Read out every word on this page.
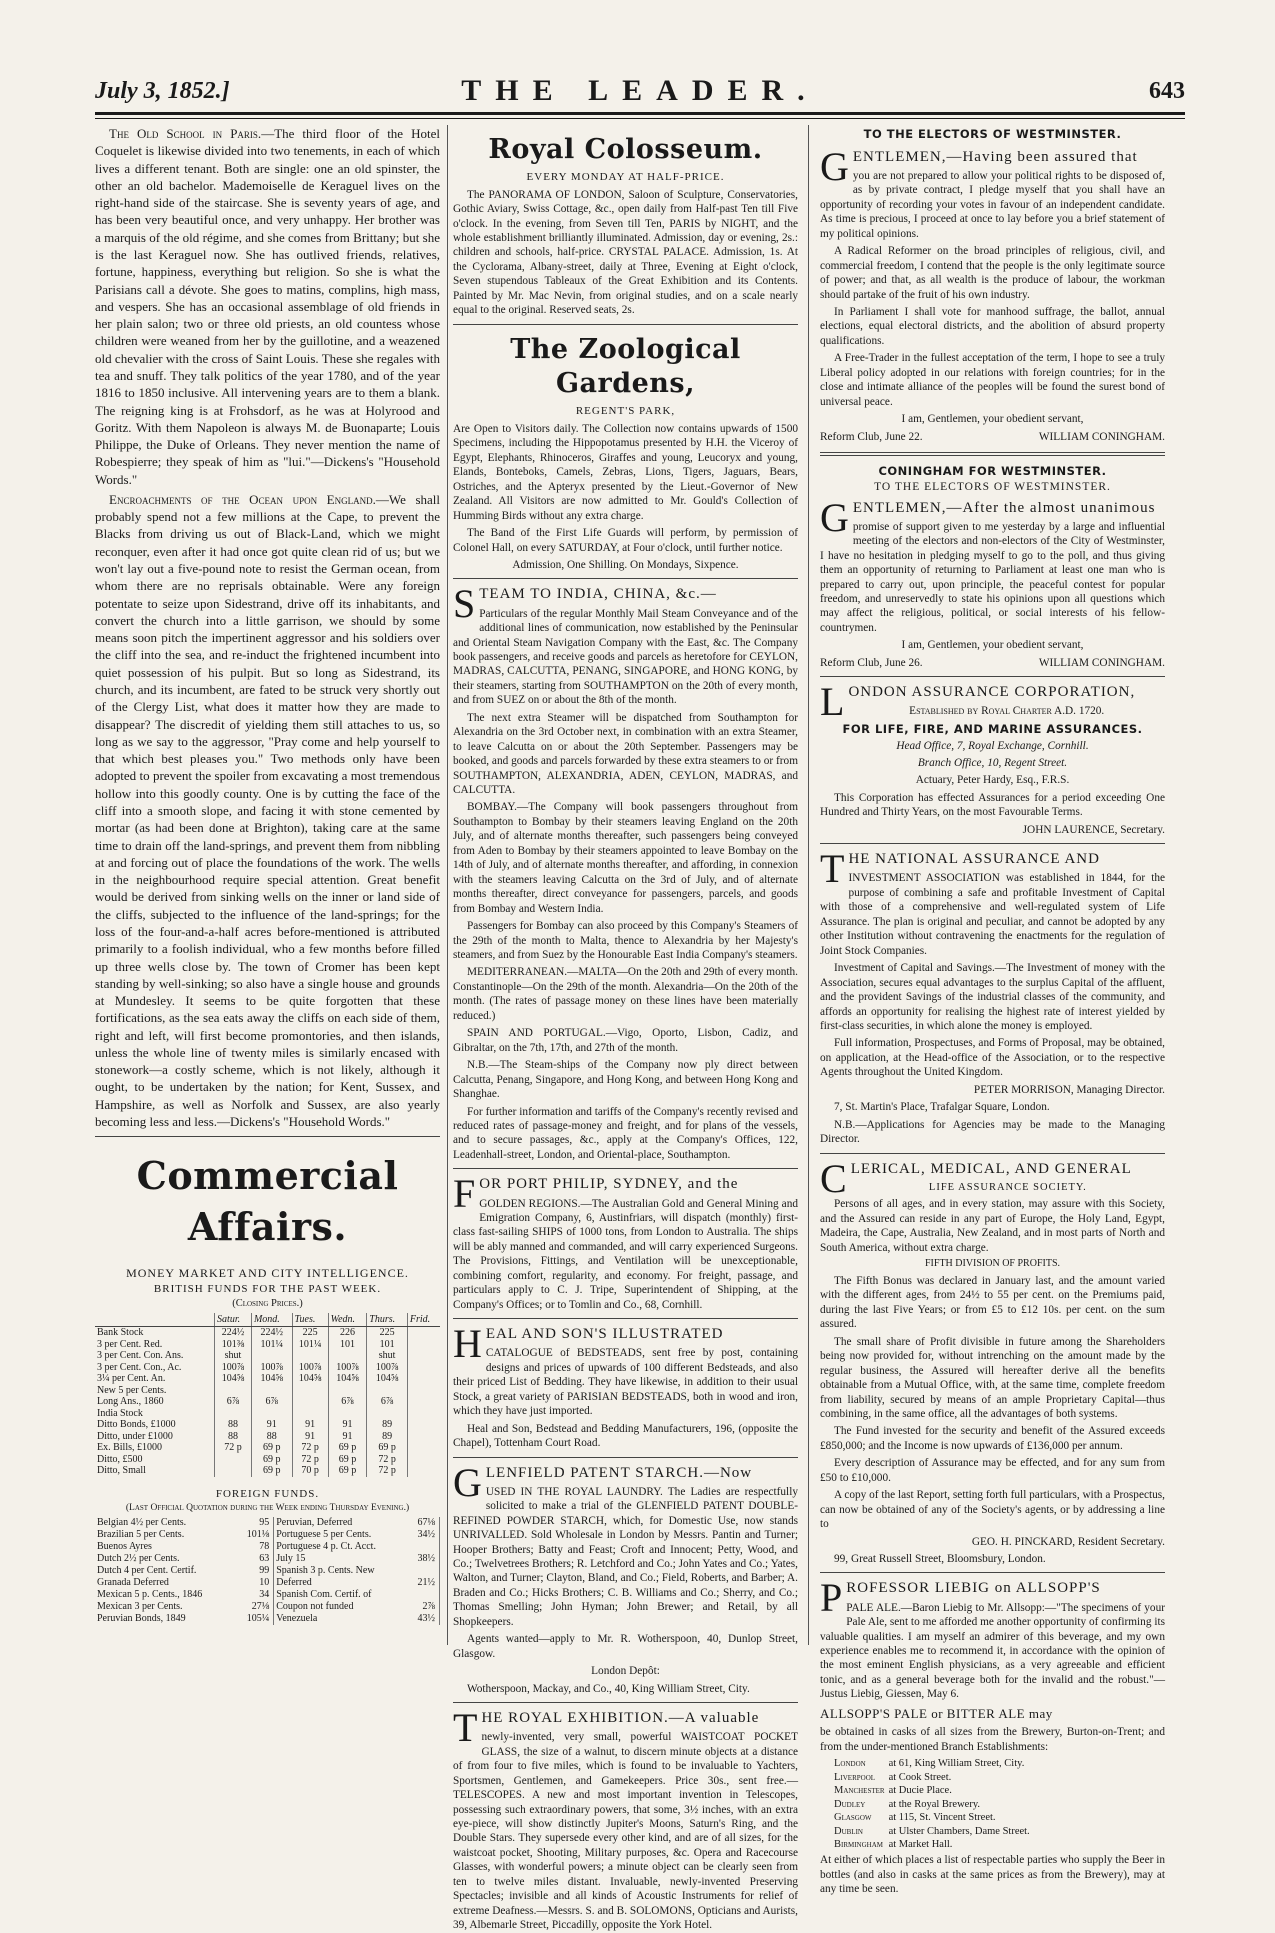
July 3, 1852.]	THE LEADER.	643

The Old School in Paris.—The third floor of the Hotel Coquelet is likewise divided into two tenements, in each of which lives a different tenant. Both are single: one an old spinster, the other an old bachelor. Mademoiselle de Keraguel lives on the right-hand side of the staircase. She is seventy years of age, and has been very beautiful once, and very unhappy. Her brother was a marquis of the old régime, and she comes from Brittany; but she is the last Keraguel now. She has outlived friends, relatives, fortune, happiness, everything but religion. So she is what the Parisians call a dévote. She goes to matins, complins, high mass, and vespers. She has an occasional assemblage of old friends in her plain salon; two or three old priests, an old countess whose children were weaned from her by the guillotine, and a weazened old chevalier with the cross of Saint Louis. These she regales with tea and snuff. They talk politics of the year 1780, and of the year 1816 to 1850 inclusive. All intervening years are to them a blank. The reigning king is at Frohsdorf, as he was at Holyrood and Goritz. With them Napoleon is always M. de Buonaparte; Louis Philippe, the Duke of Orleans. They never mention the name of Robespierre; they speak of him as "lui."—Dickens's "Household Words."

Encroachments of the Ocean upon England.—We shall probably spend not a few millions at the Cape, to prevent the Blacks from driving us out of Black-Land, which we might reconquer, even after it had once got quite clean rid of us; but we won't lay out a five-pound note to resist the German ocean, from whom there are no reprisals obtainable. Were any foreign potentate to seize upon Sidestrand, drive off its inhabitants, and convert the church into a little garrison, we should by some means soon pitch the impertinent aggressor and his soldiers over the cliff into the sea, and re-induct the frightened incumbent into quiet possession of his pulpit. But so long as Sidestrand, its church, and its incumbent, are fated to be struck very shortly out of the Clergy List, what does it matter how they are made to disappear? The discredit of yielding them still attaches to us, so long as we say to the aggressor, "Pray come and help yourself to that which best pleases you." Two methods only have been adopted to prevent the spoiler from excavating a most tremendous hollow into this goodly county. One is by cutting the face of the cliff into a smooth slope, and facing it with stone cemented by mortar (as had been done at Brighton), taking care at the same time to drain off the land-springs, and prevent them from nibbling at and forcing out of place the foundations of the work. The wells in the neighbourhood require special attention. Great benefit would be derived from sinking wells on the inner or land side of the cliffs, subjected to the influence of the land-springs; for the loss of the four-and-a-half acres before-mentioned is attributed primarily to a foolish individual, who a few months before filled up three wells close by. The town of Cromer has been kept standing by well-sinking; so also have a single house and grounds at Mundesley. It seems to be quite forgotten that these fortifications, as the sea eats away the cliffs on each side of them, right and left, will first become promontories, and then islands, unless the whole line of twenty miles is similarly encased with stonework—a costly scheme, which is not likely, although it ought, to be undertaken by the nation; for Kent, Sussex, and Hampshire, as well as Norfolk and Sussex, are also yearly becoming less and less.—Dickens's "Household Words."

Commercial Affairs.
MONEY MARKET AND CITY INTELLIGENCE.
BRITISH FUNDS FOR THE PAST WEEK.
(Closing Prices.)
	Satur.	Mond.	Tues.	Wedn.	Thurs.	Frid.
Bank Stock	224½	224½	225	226	225	
3 per Cent. Red.	101⅜	101¼	101¼	101	101	
3 per Cent. Con. Ans.	shut				shut	
3 per Cent. Con., Ac.	100⅞	100⅞	100⅞	100⅞	100⅞	
3¼ per Cent. An.	104⅝	104⅝	104⅝	104⅝	104⅝	
New 5 per Cents.						
Long Ans., 1860	6⅞	6⅞		6⅞	6⅞	
India Stock						
Ditto Bonds, £1000	88	91	91	91	89	
Ditto, under £1000	88	88	91	91	89	
Ex. Bills, £1000	72 p	69 p	72 p	69 p	69 p	
Ditto, £500		69 p	72 p	69 p	72 p	
Ditto, Small		69 p	70 p	69 p	72 p	
FOREIGN FUNDS.
(Last Official Quotation during the Week ending Thursday Evening.)
Belgian 4½ per Cents.	95	Peruvian, Deferred	67⅛
Brazilian 5 per Cents.	101⅛	Portuguese 5 per Cents.	34½
Buenos Ayres	78	Portuguese 4 p. Ct. Acct.	
Dutch 2½ per Cents.	63	July 15	38½
Dutch 4 per Cent. Certif.	99	Spanish 3 p. Cents. New	
Granada Deferred	10	Deferred	21½
Mexican 5 p. Cents., 1846	34	Spanish Com. Certif. of	
Mexican 3 per Cents.	27⅛	Coupon not funded	2⅞
Peruvian Bonds, 1849	105¼	Venezuela	43½
Royal Colosseum.
EVERY MONDAY AT HALF-PRICE.

The PANORAMA OF LONDON, Saloon of Sculpture, Conservatories, Gothic Aviary, Swiss Cottage, &c., open daily from Half-past Ten till Five o'clock. In the evening, from Seven till Ten, PARIS by NIGHT, and the whole establishment brilliantly illuminated. Admission, day or evening, 2s.: children and schools, half-price. CRYSTAL PALACE. Admission, 1s. At the Cyclorama, Albany-street, daily at Three, Evening at Eight o'clock, Seven stupendous Tableaux of the Great Exhibition and its Contents. Painted by Mr. Mac Nevin, from original studies, and on a scale nearly equal to the original. Reserved seats, 2s.

The Zoological Gardens,
REGENT'S PARK,

Are Open to Visitors daily. The Collection now contains upwards of 1500 Specimens, including the Hippopotamus presented by H.H. the Viceroy of Egypt, Elephants, Rhinoceros, Giraffes and young, Leucoryx and young, Elands, Bonteboks, Camels, Zebras, Lions, Tigers, Jaguars, Bears, Ostriches, and the Apteryx presented by the Lieut.-Governor of New Zealand. All Visitors are now admitted to Mr. Gould's Collection of Humming Birds without any extra charge.

The Band of the First Life Guards will perform, by permission of Colonel Hall, on every SATURDAY, at Four o'clock, until further notice.

Admission, One Shilling. On Mondays, Sixpence.

STEAM TO INDIA, CHINA, &c.—

Particulars of the regular Monthly Mail Steam Conveyance and of the additional lines of communication, now established by the Peninsular and Oriental Steam Navigation Company with the East, &c. The Company book passengers, and receive goods and parcels as heretofore for CEYLON, MADRAS, CALCUTTA, PENANG, SINGAPORE, and HONG KONG, by their steamers, starting from SOUTHAMPTON on the 20th of every month, and from SUEZ on or about the 8th of the month.

The next extra Steamer will be dispatched from Southampton for Alexandria on the 3rd October next, in combination with an extra Steamer, to leave Calcutta on or about the 20th September. Passengers may be booked, and goods and parcels forwarded by these extra steamers to or from SOUTHAMPTON, ALEXANDRIA, ADEN, CEYLON, MADRAS, and CALCUTTA.

BOMBAY.—The Company will book passengers throughout from Southampton to Bombay by their steamers leaving England on the 20th July, and of alternate months thereafter, such passengers being conveyed from Aden to Bombay by their steamers appointed to leave Bombay on the 14th of July, and of alternate months thereafter, and affording, in connexion with the steamers leaving Calcutta on the 3rd of July, and of alternate months thereafter, direct conveyance for passengers, parcels, and goods from Bombay and Western India.

Passengers for Bombay can also proceed by this Company's Steamers of the 29th of the month to Malta, thence to Alexandria by her Majesty's steamers, and from Suez by the Honourable East India Company's steamers.

MEDITERRANEAN.—MALTA—On the 20th and 29th of every month. Constantinople—On the 29th of the month. Alexandria—On the 20th of the month. (The rates of passage money on these lines have been materially reduced.)

SPAIN AND PORTUGAL.—Vigo, Oporto, Lisbon, Cadiz, and Gibraltar, on the 7th, 17th, and 27th of the month.

N.B.—The Steam-ships of the Company now ply direct between Calcutta, Penang, Singapore, and Hong Kong, and between Hong Kong and Shanghae.

For further information and tariffs of the Company's recently revised and reduced rates of passage-money and freight, and for plans of the vessels, and to secure passages, &c., apply at the Company's Offices, 122, Leadenhall-street, London, and Oriental-place, Southampton.

FOR PORT PHILIP, SYDNEY, and the

GOLDEN REGIONS.—The Australian Gold and General Mining and Emigration Company, 6, Austinfriars, will dispatch (monthly) first-class fast-sailing SHIPS of 1000 tons, from London to Australia. The ships will be ably manned and commanded, and will carry experienced Surgeons. The Provisions, Fittings, and Ventilation will be unexceptionable, combining comfort, regularity, and economy. For freight, passage, and particulars apply to C. J. Tripe, Superintendent of Shipping, at the Company's Offices; or to Tomlin and Co., 68, Cornhill.

HEAL AND SON'S ILLUSTRATED

CATALOGUE of BEDSTEADS, sent free by post, containing designs and prices of upwards of 100 different Bedsteads, and also their priced List of Bedding. They have likewise, in addition to their usual Stock, a great variety of PARISIAN BEDSTEADS, both in wood and iron, which they have just imported.

Heal and Son, Bedstead and Bedding Manufacturers, 196, (opposite the Chapel), Tottenham Court Road.

GLENFIELD PATENT STARCH.—Now

USED IN THE ROYAL LAUNDRY. The Ladies are respectfully solicited to make a trial of the GLENFIELD PATENT DOUBLE-REFINED POWDER STARCH, which, for Domestic Use, now stands UNRIVALLED. Sold Wholesale in London by Messrs. Pantin and Turner; Hooper Brothers; Batty and Feast; Croft and Innocent; Petty, Wood, and Co.; Twelvetrees Brothers; R. Letchford and Co.; John Yates and Co.; Yates, Walton, and Turner; Clayton, Bland, and Co.; Field, Roberts, and Barber; A. Braden and Co.; Hicks Brothers; C. B. Williams and Co.; Sherry, and Co.; Thomas Smelling; John Hyman; John Brewer; and Retail, by all Shopkeepers.

Agents wanted—apply to Mr. R. Wotherspoon, 40, Dunlop Street, Glasgow.

London Depôt:

Wotherspoon, Mackay, and Co., 40, King William Street, City.

THE ROYAL EXHIBITION.—A valuable

newly-invented, very small, powerful WAISTCOAT POCKET GLASS, the size of a walnut, to discern minute objects at a distance of from four to five miles, which is found to be invaluable to Yachters, Sportsmen, Gentlemen, and Gamekeepers. Price 30s., sent free.—TELESCOPES. A new and most important invention in Telescopes, possessing such extraordinary powers, that some, 3½ inches, with an extra eye-piece, will show distinctly Jupiter's Moons, Saturn's Ring, and the Double Stars. They supersede every other kind, and are of all sizes, for the waistcoat pocket, Shooting, Military purposes, &c. Opera and Racecourse Glasses, with wonderful powers; a minute object can be clearly seen from ten to twelve miles distant. Invaluable, newly-invented Preserving Spectacles; invisible and all kinds of Acoustic Instruments for relief of extreme Deafness.—Messrs. S. and B. SOLOMONS, Opticians and Aurists, 39, Albemarle Street, Piccadilly, opposite the York Hotel.

TO THE ELECTORS OF WESTMINSTER.
GENTLEMEN,—Having been assured that

you are not prepared to allow your political rights to be disposed of, as by private contract, I pledge myself that you shall have an opportunity of recording your votes in favour of an independent candidate. As time is precious, I proceed at once to lay before you a brief statement of my political opinions.

A Radical Reformer on the broad principles of religious, civil, and commercial freedom, I contend that the people is the only legitimate source of power; and that, as all wealth is the produce of labour, the workman should partake of the fruit of his own industry.

In Parliament I shall vote for manhood suffrage, the ballot, annual elections, equal electoral districts, and the abolition of absurd property qualifications.

A Free-Trader in the fullest acceptation of the term, I hope to see a truly Liberal policy adopted in our relations with foreign countries; for in the close and intimate alliance of the peoples will be found the surest bond of universal peace.

I am, Gentlemen, your obedient servant,

Reform Club, June 22.	WILLIAM CONINGHAM.
CONINGHAM FOR WESTMINSTER.
TO THE ELECTORS OF WESTMINSTER.
GENTLEMEN,—After the almost unanimous

promise of support given to me yesterday by a large and influential meeting of the electors and non-electors of the City of Westminster, I have no hesitation in pledging myself to go to the poll, and thus giving them an opportunity of returning to Parliament at least one man who is prepared to carry out, upon principle, the peaceful contest for popular freedom, and unreservedly to state his opinions upon all questions which may affect the religious, political, or social interests of his fellow-countrymen.

I am, Gentlemen, your obedient servant,

Reform Club, June 26.	WILLIAM CONINGHAM.
LONDON ASSURANCE CORPORATION,

Established by Royal Charter A.D. 1720.

FOR LIFE, FIRE, AND MARINE ASSURANCES.

Head Office, 7, Royal Exchange, Cornhill.

Branch Office, 10, Regent Street.

Actuary, Peter Hardy, Esq., F.R.S.

This Corporation has effected Assurances for a period exceeding One Hundred and Thirty Years, on the most Favourable Terms.

JOHN LAURENCE, Secretary.

THE NATIONAL ASSURANCE AND

INVESTMENT ASSOCIATION was established in 1844, for the purpose of combining a safe and profitable Investment of Capital with those of a comprehensive and well-regulated system of Life Assurance. The plan is original and peculiar, and cannot be adopted by any other Institution without contravening the enactments for the regulation of Joint Stock Companies.

Investment of Capital and Savings.—The Investment of money with the Association, secures equal advantages to the surplus Capital of the affluent, and the provident Savings of the industrial classes of the community, and affords an opportunity for realising the highest rate of interest yielded by first-class securities, in which alone the money is employed.

Full information, Prospectuses, and Forms of Proposal, may be obtained, on application, at the Head-office of the Association, or to the respective Agents throughout the United Kingdom.

PETER MORRISON, Managing Director.

7, St. Martin's Place, Trafalgar Square, London.

N.B.—Applications for Agencies may be made to the Managing Director.

CLERICAL, MEDICAL, AND GENERAL

LIFE ASSURANCE SOCIETY.

Persons of all ages, and in every station, may assure with this Society, and the Assured can reside in any part of Europe, the Holy Land, Egypt, Madeira, the Cape, Australia, New Zealand, and in most parts of North and South America, without extra charge.

FIFTH DIVISION OF PROFITS.

The Fifth Bonus was declared in January last, and the amount varied with the different ages, from 24½ to 55 per cent. on the Premiums paid, during the last Five Years; or from £5 to £12 10s. per cent. on the sum assured.

The small share of Profit divisible in future among the Shareholders being now provided for, without intrenching on the amount made by the regular business, the Assured will hereafter derive all the benefits obtainable from a Mutual Office, with, at the same time, complete freedom from liability, secured by means of an ample Proprietary Capital—thus combining, in the same office, all the advantages of both systems.

The Fund invested for the security and benefit of the Assured exceeds £850,000; and the Income is now upwards of £136,000 per annum.

Every description of Assurance may be effected, and for any sum from £50 to £10,000.

A copy of the last Report, setting forth full particulars, with a Prospectus, can now be obtained of any of the Society's agents, or by addressing a line to

GEO. H. PINCKARD, Resident Secretary.

99, Great Russell Street, Bloomsbury, London.

PROFESSOR LIEBIG on ALLSOPP'S

PALE ALE.—Baron Liebig to Mr. Allsopp:—"The specimens of your Pale Ale, sent to me afforded me another opportunity of confirming its valuable qualities. I am myself an admirer of this beverage, and my own experience enables me to recommend it, in accordance with the opinion of the most eminent English physicians, as a very agreeable and efficient tonic, and as a general beverage both for the invalid and the robust."—Justus Liebig, Giessen, May 6.

ALLSOPP'S PALE or BITTER ALE may

be obtained in casks of all sizes from the Brewery, Burton-on-Trent; and from the under-mentioned Branch Establishments:

London	at 61, King William Street, City.
Liverpool	at Cook Street.
Manchester	at Ducie Place.
Dudley	at the Royal Brewery.
Glasgow	at 115, St. Vincent Street.
Dublin	at Ulster Chambers, Dame Street.
Birmingham	at Market Hall.

At either of which places a list of respectable parties who supply the Beer in bottles (and also in casks at the same prices as from the Brewery), may at any time be seen.
